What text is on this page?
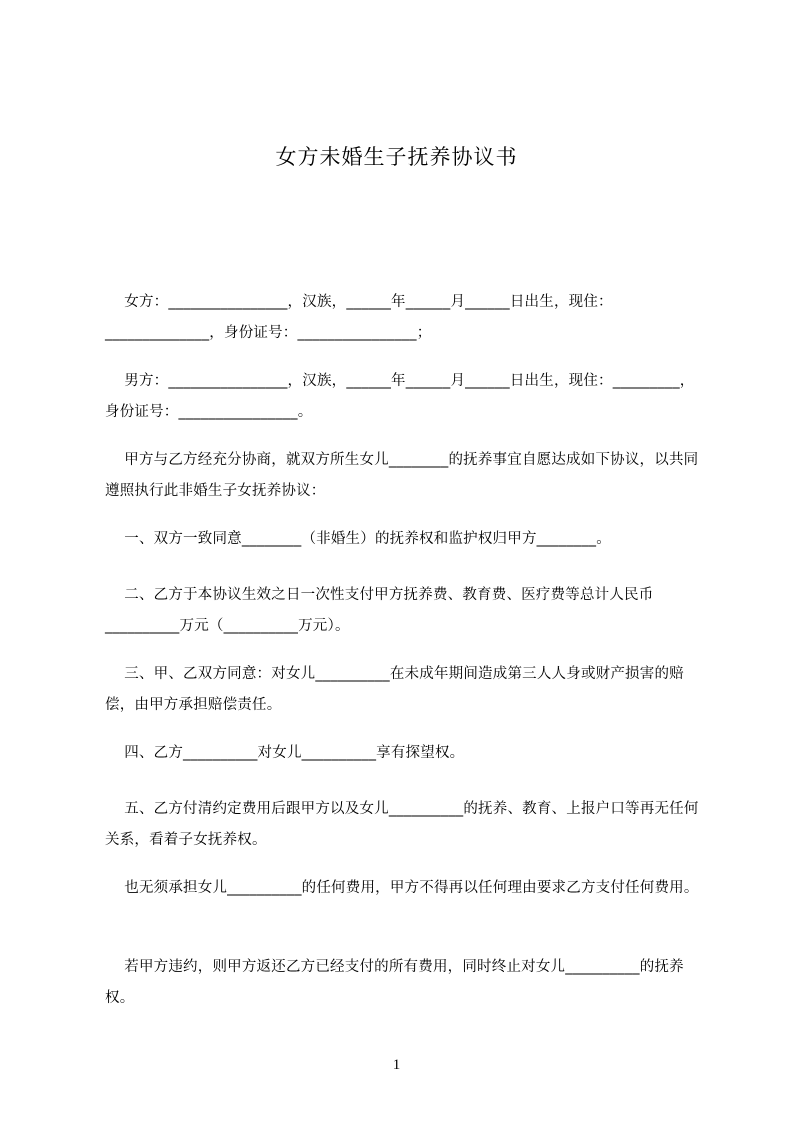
女方未婚生子抚养协议书
女方：________________，汉族，______年______月______日出生，现住：______________，身份证号：________________；
男方：________________，汉族，______年______月______日出生，现住：_________，身份证号：________________。
甲方与乙方经充分协商，就双方所生女儿________的抚养事宜自愿达成如下协议，以共同遵照执行此非婚生子女抚养协议：
一、双方一致同意________（非婚生）的抚养权和监护权归甲方________。
二、乙方于本协议生效之日一次性支付甲方抚养费、教育费、医疗费等总计人民币__________万元（__________万元）。
三、甲、乙双方同意：对女儿__________在未成年期间造成第三人人身或财产损害的赔偿，由甲方承担赔偿责任。
四、乙方__________对女儿__________享有探望权。
五、乙方付清约定费用后跟甲方以及女儿__________的抚养、教育、上报户口等再无任何关系，看着子女抚养权。
也无须承担女儿__________的任何费用，甲方不得再以任何理由要求乙方支付任何费用。
若甲方违约，则甲方返还乙方已经支付的所有费用，同时终止对女儿__________的抚养权。
1
